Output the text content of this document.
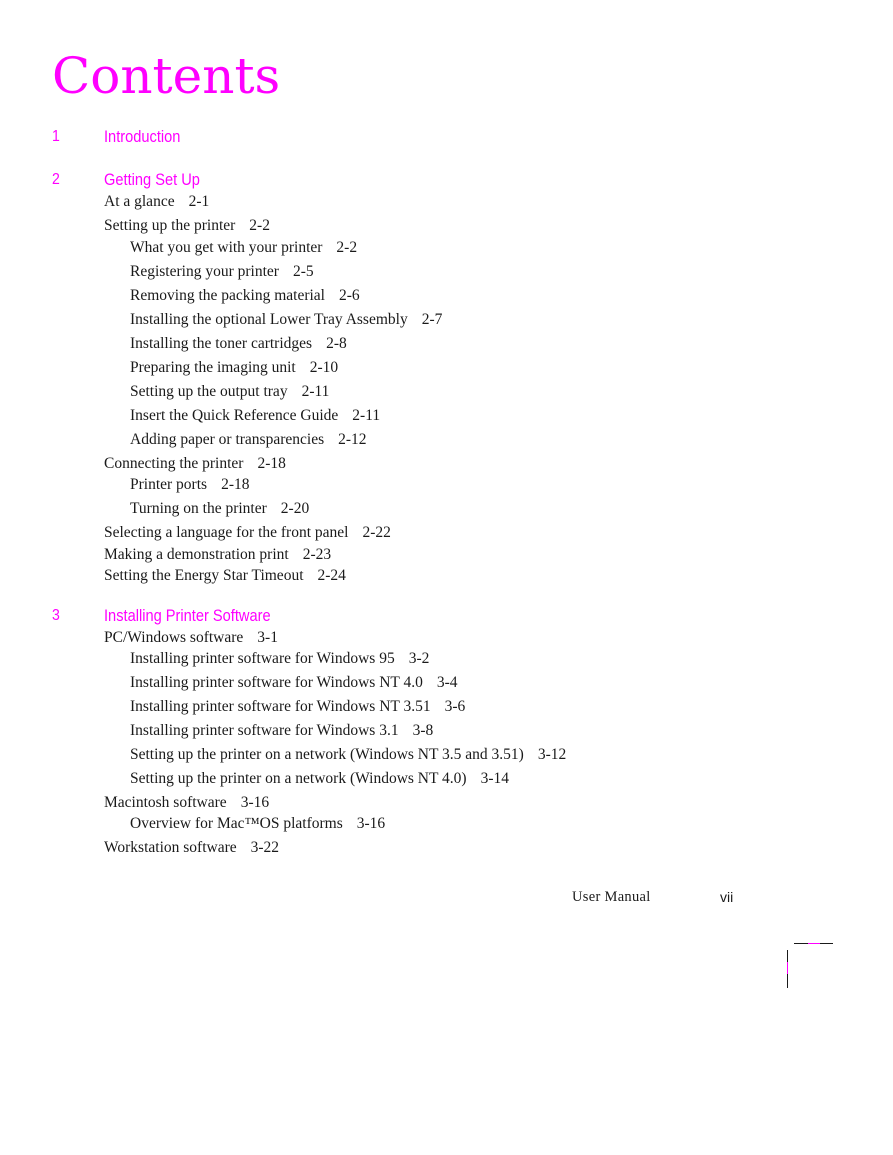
Contents
1	Introduction
2	Getting Set Up
At a glance 2-1
Setting up the printer 2-2
What you get with your printer 2-2
Registering your printer 2-5
Removing the packing material 2-6
Installing the optional Lower Tray Assembly 2-7
Installing the toner cartridges 2-8
Preparing the imaging unit 2-10
Setting up the output tray 2-11
Insert the Quick Reference Guide 2-11
Adding paper or transparencies 2-12
Connecting the printer 2-18
Printer ports 2-18
Turning on the printer 2-20
Selecting a language for the front panel 2-22
Making a demonstration print 2-23
Setting the Energy Star Timeout 2-24
3	Installing Printer Software
PC/Windows software 3-1
Installing printer software for Windows 95 3-2
Installing printer software for Windows NT 4.0 3-4
Installing printer software for Windows NT 3.51 3-6
Installing printer software for Windows 3.1 3-8
Setting up the printer on a network (Windows NT 3.5 and 3.51) 3-12
Setting up the printer on a network (Windows NT 4.0) 3-14
Macintosh software 3-16
Overview for Mac™OS platforms 3-16
Workstation software 3-22
User Manual	vii
